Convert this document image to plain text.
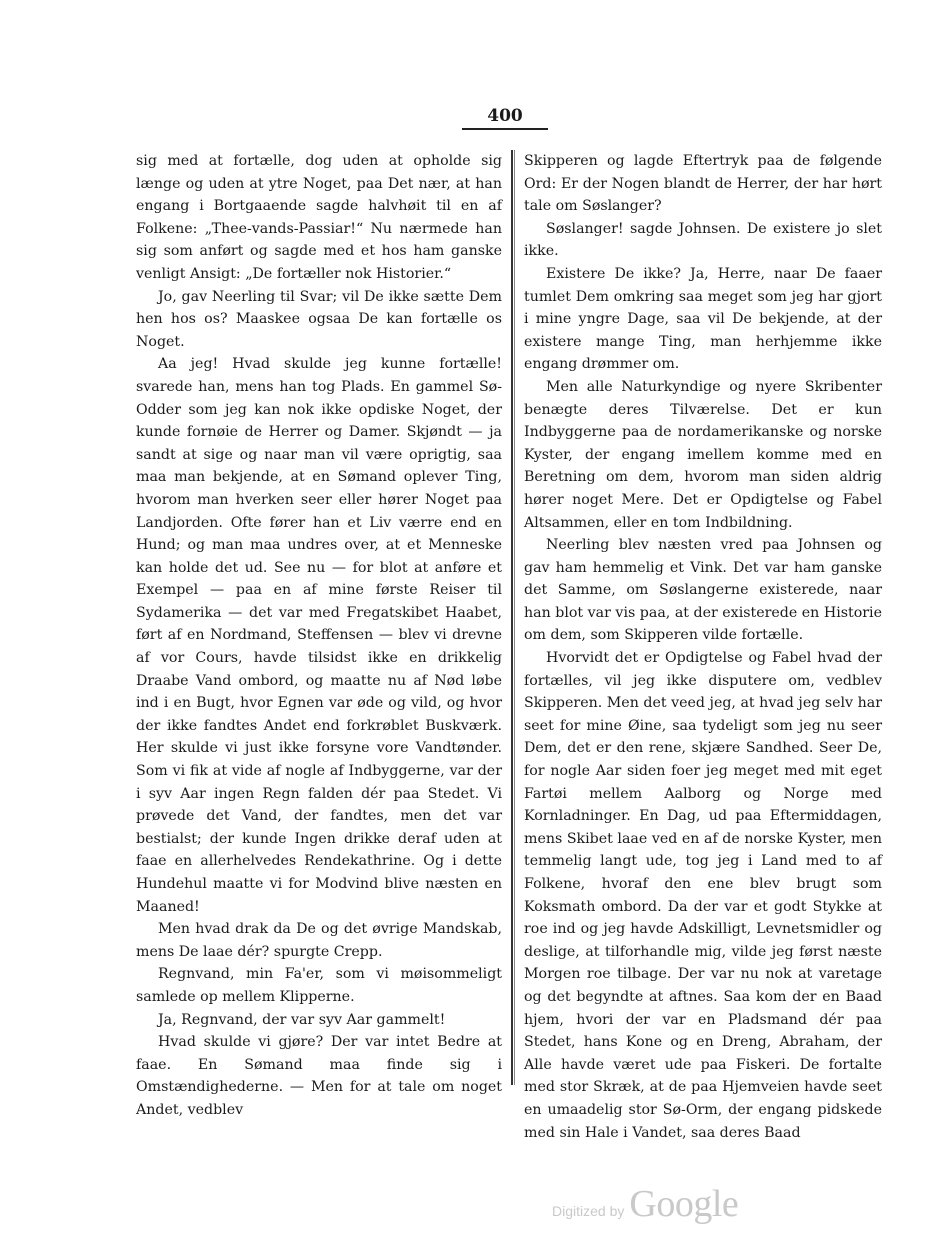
400

sig med at fortælle, dog uden at opholde sig længe og uden at ytre Noget, paa Det nær, at han engang i Bortgaaende sagde halvhøit til en af Folkene: „Thee-vands-Passiar!“ Nu nærmede han sig som anført og sagde med et hos ham ganske venligt Ansigt: „De fortæller nok Historier.“

Jo, gav Neerling til Svar; vil De ikke sætte Dem hen hos os? Maaskee ogsaa De kan fortælle os Noget.

Aa jeg! Hvad skulde jeg kunne fortælle! svarede han, mens han tog Plads. En gammel Sø-Odder som jeg kan nok ikke opdiske Noget, der kunde fornøie de Herrer og Damer. Skjøndt — ja sandt at sige og naar man vil være oprigtig, saa maa man bekjende, at en Sømand oplever Ting, hvorom man hverken seer eller hører Noget paa Landjorden. Ofte fører han et Liv værre end en Hund; og man maa undres over, at et Menneske kan holde det ud. See nu — for blot at anføre et Exempel — paa en af mine første Reiser til Sydamerika — det var med Fregatskibet Haabet, ført af en Nordmand, Steffensen — blev vi drevne af vor Cours, havde tilsidst ikke en drikkelig Draabe Vand ombord, og maatte nu af Nød løbe ind i en Bugt, hvor Egnen var øde og vild, og hvor der ikke fandtes Andet end forkrøblet Buskværk. Her skulde vi just ikke forsyne vore Vandtønder. Som vi fik at vide af nogle af Indbyggerne, var der i syv Aar ingen Regn falden dér paa Stedet. Vi prøvede det Vand, der fandtes, men det var bestialst; der kunde Ingen drikke deraf uden at faae en allerhelvedes Rendekathrine. Og i dette Hundehul maatte vi for Modvind blive næsten en Maaned!

Men hvad drak da De og det øvrige Mandskab, mens De laae dér? spurgte Crepp.

Regnvand, min Fa'er, som vi møisommeligt samlede op mellem Klipperne.

Ja, Regnvand, der var syv Aar gammelt!

Hvad skulde vi gjøre? Der var intet Bedre at faae. En Sømand maa finde sig i Omstændighederne. — Men for at tale om noget Andet, vedblev

Skipperen og lagde Eftertryk paa de følgende Ord: Er der Nogen blandt de Herrer, der har hørt tale om Søslanger?

Søslanger! sagde Johnsen. De existere jo slet ikke.

Existere De ikke? Ja, Herre, naar De faaer tumlet Dem omkring saa meget som jeg har gjort i mine yngre Dage, saa vil De bekjende, at der existere mange Ting, man herhjemme ikke engang drømmer om.

Men alle Naturkyndige og nyere Skribenter benægte deres Tilværelse. Det er kun Indbyggerne paa de nordamerikanske og norske Kyster, der engang imellem komme med en Beretning om dem, hvorom man siden aldrig hører noget Mere. Det er Opdigtelse og Fabel Altsammen, eller en tom Indbildning.

Neerling blev næsten vred paa Johnsen og gav ham hemmelig et Vink. Det var ham ganske det Samme, om Søslangerne existerede, naar han blot var vis paa, at der existerede en Historie om dem, som Skipperen vilde fortælle.

Hvorvidt det er Opdigtelse og Fabel hvad der fortælles, vil jeg ikke disputere om, vedblev Skipperen. Men det veed jeg, at hvad jeg selv har seet for mine Øine, saa tydeligt som jeg nu seer Dem, det er den rene, skjære Sandhed. Seer De, for nogle Aar siden foer jeg meget med mit eget Fartøi mellem Aalborg og Norge med Kornladninger. En Dag, ud paa Eftermiddagen, mens Skibet laae ved en af de norske Kyster, men temmelig langt ude, tog jeg i Land med to af Folkene, hvoraf den ene blev brugt som Koksmath ombord. Da der var et godt Stykke at roe ind og jeg havde Adskilligt, Levnetsmidler og deslige, at tilforhandle mig, vilde jeg først næste Morgen roe tilbage. Der var nu nok at varetage og det begyndte at aftnes. Saa kom der en Baad hjem, hvori der var en Pladsmand dér paa Stedet, hans Kone og en Dreng, Abraham, der Alle havde været ude paa Fiskeri. De fortalte med stor Skræk, at de paa Hjemveien havde seet en umaadelig stor Sø-Orm, der engang pidskede med sin Hale i Vandet, saa deres Baad

Digitized by Google
